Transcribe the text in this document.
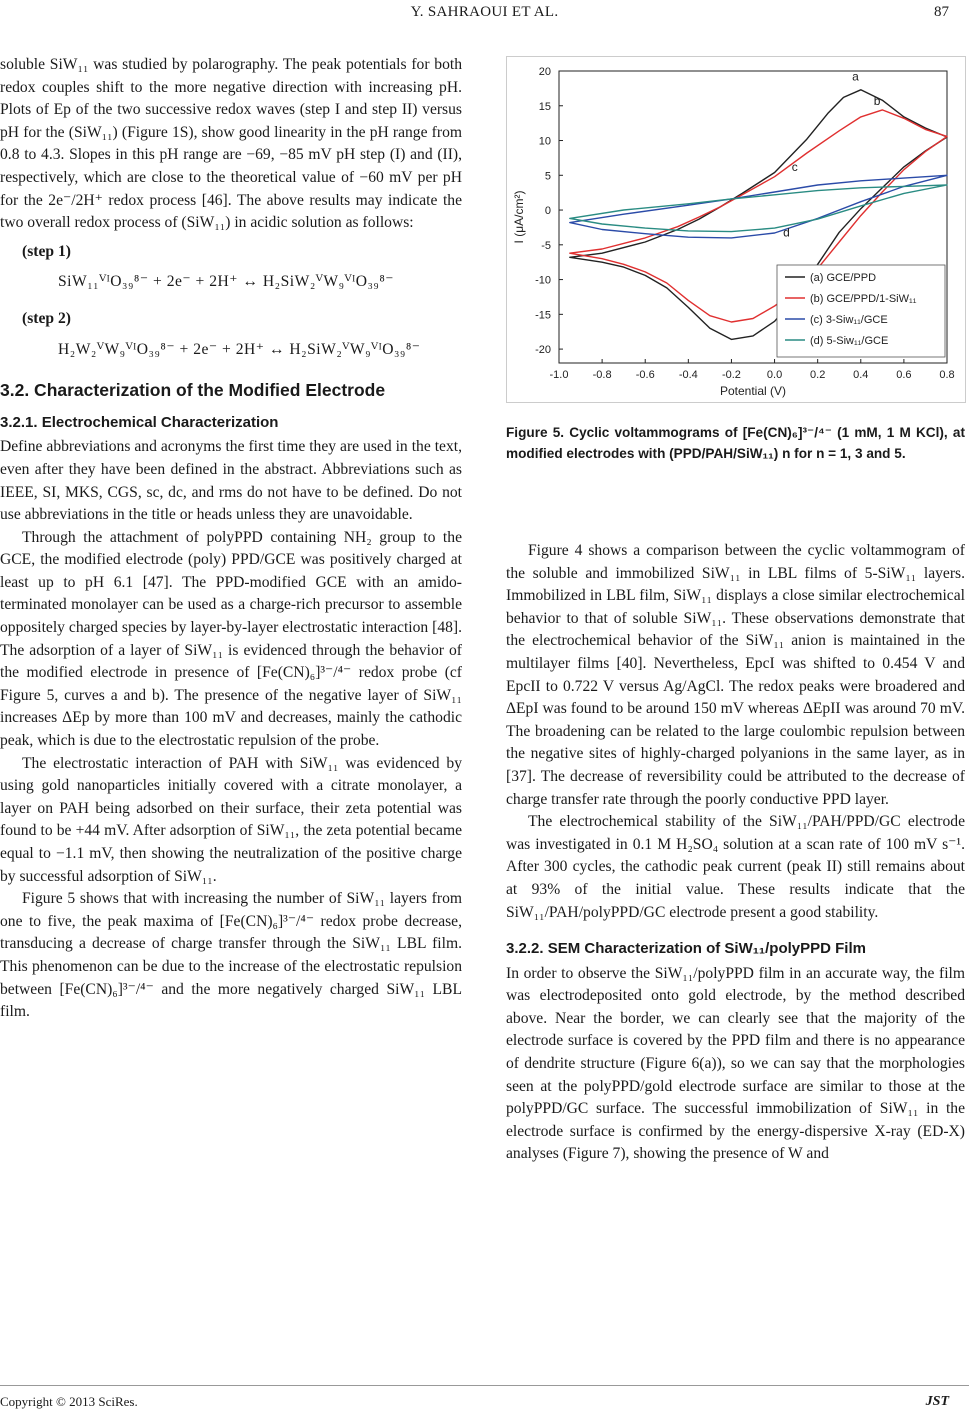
Y. SAHRAOUI ET AL.	87

soluble SiW₁₁ was studied by polarography. The peak potentials for both redox couples shift to the more negative direction with increasing pH. Plots of Ep of the two successive redox waves (step I and step II) versus pH for the (SiW₁₁) (Figure 1S), show good linearity in the pH range from 0.8 to 4.3. Slopes in this pH range are −69, −85 mV pH step (I) and (II), respectively, which are close to the theoretical value of −60 mV per pH for the 2e⁻/2H⁺ redox process [46]. The above results may indicate the two overall redox process of (SiW₁₁) in acidic solution as follows:

(step 1)
SiW₁₁ⱽᴵO₃₉⁸⁻ + 2e⁻ + 2H⁺ ↔ H₂SiW₂ⱽW₉ⱽᴵO₃₉⁸⁻
(step 2)
H₂W₂ⱽW₉ⱽᴵO₃₉⁸⁻ + 2e⁻ + 2H⁺ ↔ H₂SiW₂ⱽW₉ⱽᴵO₃₉⁸⁻
3.2. Characterization of the Modified Electrode
3.2.1. Electrochemical Characterization

Define abbreviations and acronyms the first time they are used in the text, even after they have been defined in the abstract. Abbreviations such as IEEE, SI, MKS, CGS, sc, dc, and rms do not have to be defined. Do not use abbreviations in the title or heads unless they are unavoidable.

Through the attachment of polyPPD containing NH₂ group to the GCE, the modified electrode (poly) PPD/GCE was positively charged at least up to pH 6.1 [47]. The PPD-modified GCE with an amido-terminated monolayer can be used as a charge-rich precursor to assemble oppositely charged species by layer-by-layer electrostatic interaction [48]. The adsorption of a layer of SiW₁₁ is evidenced through the behavior of the modified electrode in presence of [Fe(CN)₆]³⁻/⁴⁻ redox probe (cf Figure 5, curves a and b). The presence of the negative layer of SiW₁₁ increases ΔEp by more than 100 mV and decreases, mainly the cathodic peak, which is due to the electrostatic repulsion of the probe.

The electrostatic interaction of PAH with SiW₁₁ was evidenced by using gold nanoparticles initially covered with a citrate monolayer, a layer on PAH being adsorbed on their surface, their zeta potential was found to be +44 mV. After adsorption of SiW₁₁, the zeta potential became equal to −1.1 mV, then showing the neutralization of the positive charge by successful adsorption of SiW₁₁.

Figure 5 shows that with increasing the number of SiW₁₁ layers from one to five, the peak maxima of [Fe(CN)₆]³⁻/⁴⁻ redox probe decrease, transducing a decrease of charge transfer through the SiW₁₁ LBL film. This phenomenon can be due to the increase of the electrostatic repulsion between [Fe(CN)₆]³⁻/⁴⁻ and the more negatively charged SiW₁₁ LBL film.

-1.0 -0.8 -0.6 -0.4 -0.2 0.0	0.2	0.4	0.6	0.8
20
15
10
5
0
-5
-10
-15
-20
Potential (V)
I (μA/cm²)
a
b
c
d
(a) GCE/PPD
(b) GCE/PPD/1-SiW₁₁
(c) 3-Siw₁₁/GCE
(d) 5-Siw₁₁/GCE
Figure 5. Cyclic voltammograms of [Fe(CN)₆]³⁻/⁴⁻ (1 mM, 1 M KCl), at modified electrodes with (PPD/PAH/SiW₁₁) n for n = 1, 3 and 5.

Figure 4 shows a comparison between the cyclic voltammogram of the soluble and immobilized SiW₁₁ in LBL films of 5-SiW₁₁ layers. Immobilized in LBL film, SiW₁₁ displays a close similar electrochemical behavior to that of soluble SiW₁₁. These observations demonstrate that the electrochemical behavior of the SiW₁₁ anion is maintained in the multilayer films [40]. Nevertheless, EpcI was shifted to 0.454 V and EpcII to 0.722 V versus Ag/AgCl. The redox peaks were broadered and ΔEpI was found to be around 150 mV whereas ΔEpII was around 70 mV. The broadening can be related to the large coulombic repulsion between the negative sites of highly-charged polyanions in the same layer, as in [37]. The decrease of reversibility could be attributed to the decrease of charge transfer rate through the poorly conductive PPD layer.

The electrochemical stability of the SiW₁₁/PAH/PPD/GC electrode was investigated in 0.1 M H₂SO₄ solution at a scan rate of 100 mV s⁻¹. After 300 cycles, the cathodic peak current (peak II) still remains about at 93% of the initial value. These results indicate that the SiW₁₁/PAH/polyPPD/GC electrode present a good stability.

3.2.2. SEM Characterization of SiW₁₁/polyPPD Film

In order to observe the SiW₁₁/polyPPD film in an accurate way, the film was electrodeposited onto gold electrode, by the method described above. Near the border, we can clearly see that the majority of the electrode surface is covered by the PPD film and there is no appearance of dendrite structure (Figure 6(a)), so we can say that the morphologies seen at the polyPPD/gold electrode surface are similar to those at the polyPPD/GC surface. The successful immobilization of SiW₁₁ in the electrode surface is confirmed by the energy-dispersive X-ray (ED-X) analyses (Figure 7), showing the presence of W and

Copyright © 2013 SciRes.	JST
